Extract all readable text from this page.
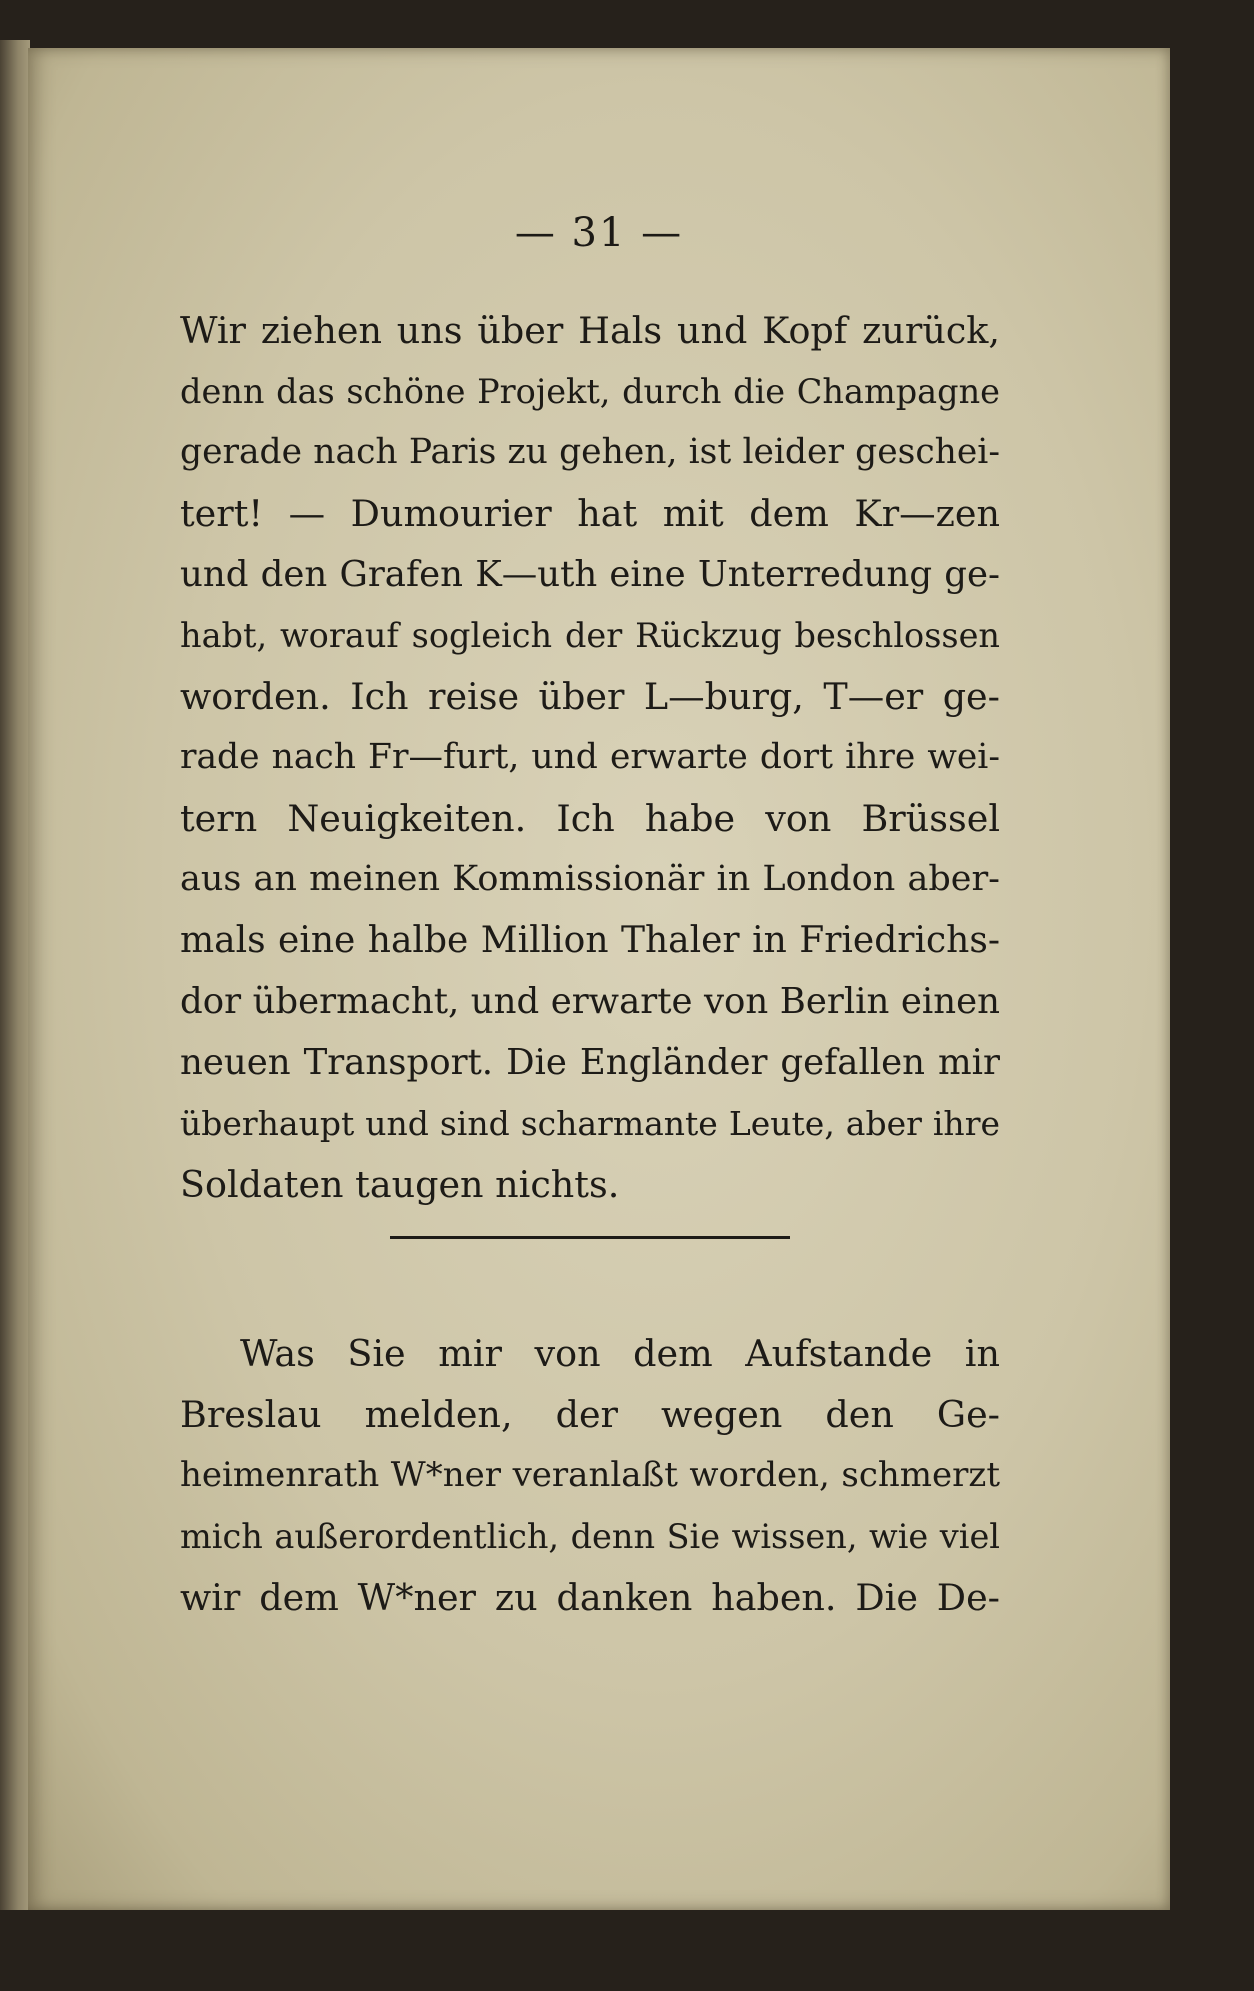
— 31 —
Wir ziehen uns über Hals und Kopf zurück,
denn das schöne Projekt, durch die Champagne
gerade nach Paris zu gehen, ist leider geschei-
tert! — Dumourier hat mit dem Kr—zen
und den Grafen K—uth eine Unterredung ge-
habt, worauf sogleich der Rückzug beschlossen
worden. Ich reise über L—burg, T—er ge-
rade nach Fr—furt, und erwarte dort ihre wei-
tern Neuigkeiten. Ich habe von Brüssel
aus an meinen Kommissionär in London aber-
mals eine halbe Million Thaler in Friedrichs-
dor übermacht, und erwarte von Berlin einen
neuen Transport. Die Engländer gefallen mir
überhaupt und sind scharmante Leute, aber ihre
Soldaten taugen nichts.
Was Sie mir von dem Aufstande in
Breslau melden, der wegen den Ge-
heimenrath W*ner veranlaßt worden, schmerzt
mich außerordentlich, denn Sie wissen, wie viel
wir dem W*ner zu danken haben. Die De-
